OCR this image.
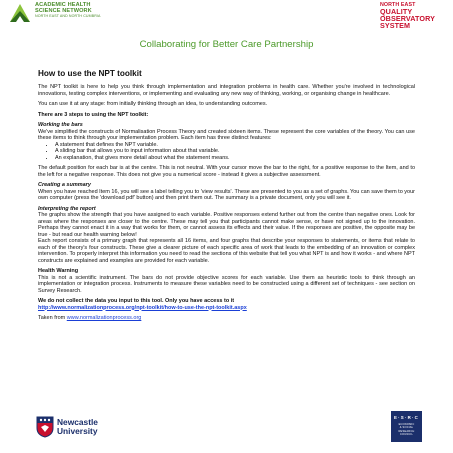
ACADEMIC HEALTH
SCIENCE NETWORK
NORTH EAST AND NORTH CUMBRIA
NORTH EAST
QUALITY
OBSERVATORY
SYSTEM
Collaborating for Better Care Partnership
How to use the NPT toolkit

The NPT toolkit is here to help you think through implementation and integration problems in health care. Whether you're involved in technological innovations, testing complex interventions, or implementing and evaluating any new way of thinking, working, or organising change in healthcare.

You can use it at any stage: from initially thinking through an idea, to understanding outcomes.

There are 3 steps to using the NPT toolkit:

Working the bars

We've simplified the constructs of Normalisation Process Theory and created sixteen items. These represent the core variables of the theory. You can use these items to think through your implementation problem. Each item has three distinct features:

• A statement that defines the NPT variable.
• A sliding bar that allows you to input information about that variable.
• An explanation, that gives more detail about what the statement means.

The default position for each bar is at the centre. This is not neutral. With your cursor move the bar to the right, for a positive response to the Item, and to the left for a negative response. This does not give you a numerical score - instead it gives a subjective assessment.

Creating a summary

When you have reached Item 16, you will see a label telling you to 'view results'. These are presented to you as a set of graphs. You can save them to your own computer (press the 'download pdf' button) and then print them out. The summary is a private document, only you will see it.

Interpreting the report

The graphs show the strength that you have assigned to each variable. Positive responses extend further out from the centre than negative ones. Look for areas where the responses are closer to the centre. These may tell you that participants cannot make sense, or have not signed up to the innovation. Perhaps they cannot enact it in a way that works for them, or cannot assess its effects and their value. If the responses are positive, the opposite may be true - but read our health warning below!

Each report consists of a primary graph that represents all 16 items, and four graphs that describe your responses to statements, or items that relate to each of the theory's four constructs. These give a clearer picture of each specific area of work that leads to the embedding of an innovation or complex intervention. To properly interpret this information you need to read the sections of this website that tell you what NPT is and how it works - and where NPT constructs are explained and examples are provided for each variable.

Health Warning

This is not a scientific instrument. The bars do not provide objective scores for each variable. Use them as heuristic tools to think through an implementation or integration process. Instruments to measure these variables need to be constructed using a different set of techniques - see section on Survey Research.

We do not collect the data you input to this tool. Only you have access to it

http://www.normalizationprocess.org/npt-toolkit/how-to-use-the-npt-toolkit.aspx

Taken from www.normalizationprocess.org

Newcastle
University
E·S·R·C
ECONOMIC
& SOCIAL
RESEARCH
COUNCIL
